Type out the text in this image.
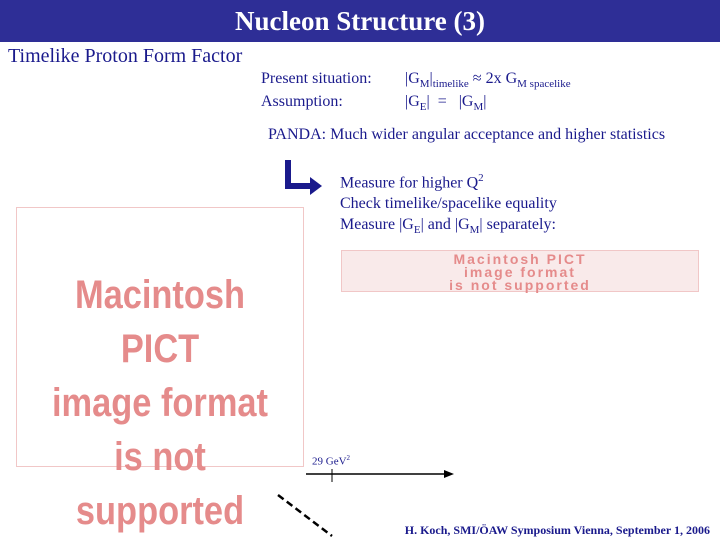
Nucleon Structure (3)
Timelike Proton Form Factor
Present situation: $|G_M|_{timelike} \approx 2x$ $G_{M spacelike}$
Assumption:	$|G_E| = |G_M|$
PANDA: Much wider angular acceptance and higher statistics
Measure for higher $Q^2$
Check timelike/spacelike equality
Measure $|G_E|$ and $|G_M|$ separately:
Macintosh PICT
image format
is not supported
Macintosh PICT
image format
is not supported
29 GeV$^2$
H. Koch, SMI/ÖAW Symposium Vienna, September 1, 2006
